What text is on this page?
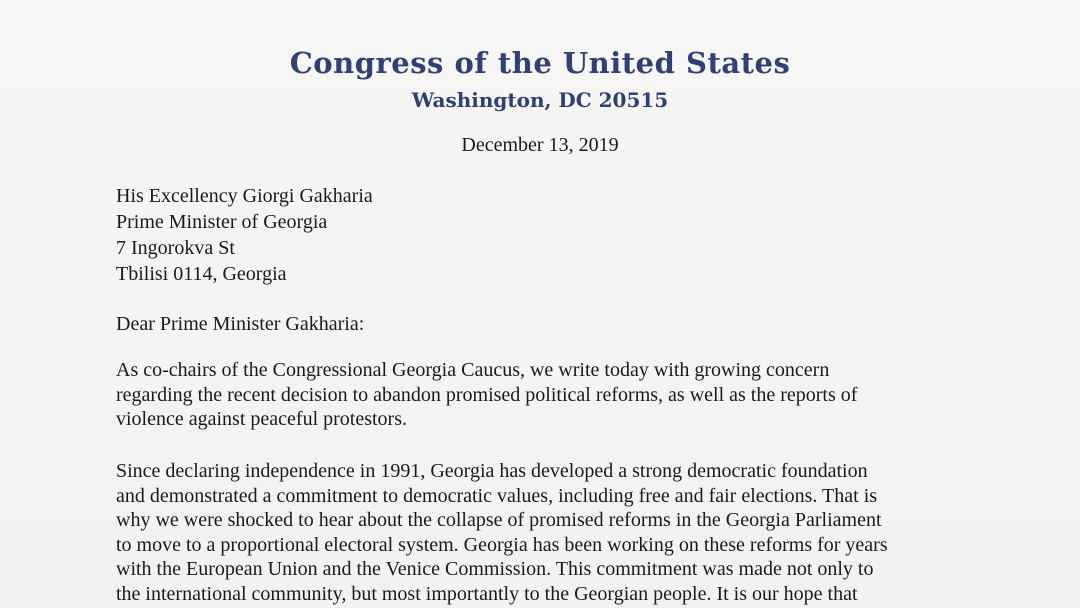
Congress of the United States
Washington, DC 20515
December 13, 2019
His Excellency Giorgi Gakharia
Prime Minister of Georgia
7 Ingorokva St
Tbilisi 0114, Georgia
Dear Prime Minister Gakharia:
As co-chairs of the Congressional Georgia Caucus, we write today with growing concern
regarding the recent decision to abandon promised political reforms, as well as the reports of
violence against peaceful protestors.
Since declaring independence in 1991, Georgia has developed a strong democratic foundation
and demonstrated a commitment to democratic values, including free and fair elections. That is
why we were shocked to hear about the collapse of promised reforms in the Georgia Parliament
to move to a proportional electoral system. Georgia has been working on these reforms for years
with the European Union and the Venice Commission. This commitment was made not only to
the international community, but most importantly to the Georgian people. It is our hope that
